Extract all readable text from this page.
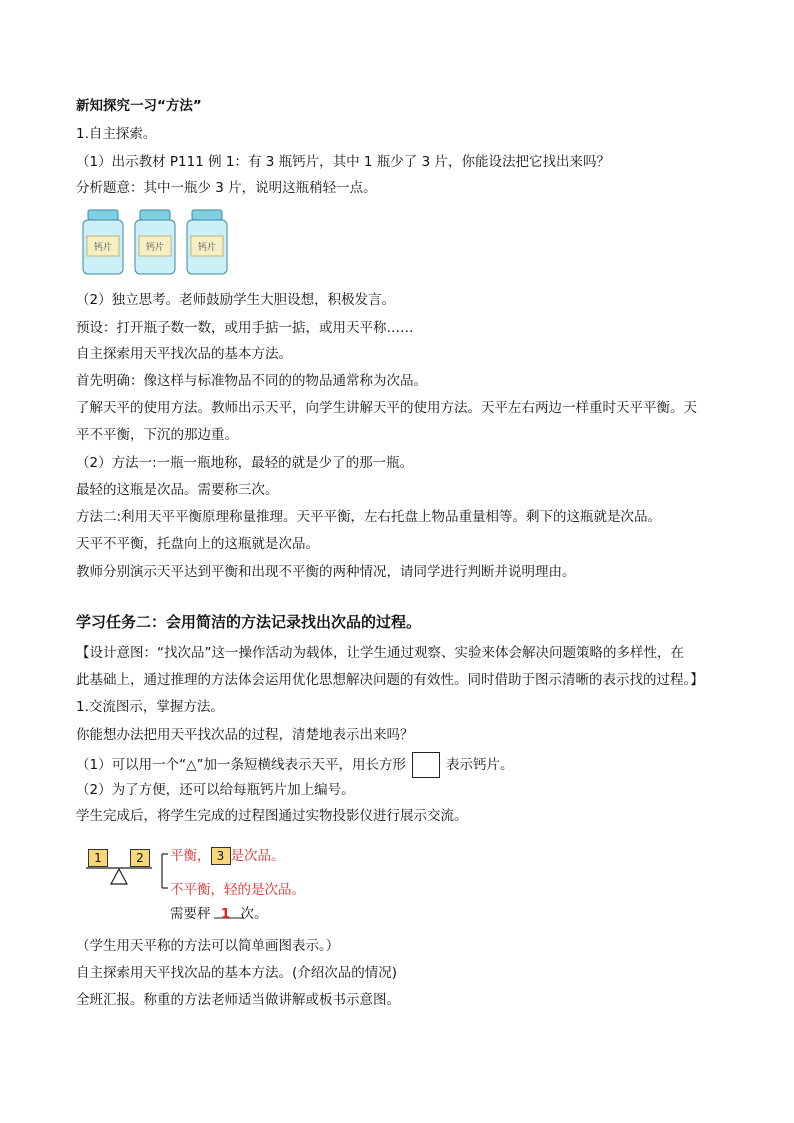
新知探究一习“方法”
1.自主探索。
（1）出示教材 P111 例 1：有 3 瓶钙片，其中 1 瓶少了 3 片，你能设法把它找出来吗？
分析题意：其中一瓶少 3 片，说明这瓶稍轻一点。
钙片	钙片	钙片
（2）独立思考。老师鼓励学生大胆设想，积极发言。
预设：打开瓶子数一数，或用手掂一掂，或用天平称……
自主探索用天平找次品的基本方法。
首先明确：像这样与标准物品不同的的物品通常称为次品。
了解天平的使用方法。教师出示天平，向学生讲解天平的使用方法。天平左右两边一样重时天平平衡。天
平不平衡，下沉的那边重。
（2）方法一:一瓶一瓶地称，最轻的就是少了的那一瓶。
最轻的这瓶是次品。需要称三次。
方法二:利用天平平衡原理称量推理。天平平衡，左右托盘上物品重量相等。剩下的这瓶就是次品。
天平不平衡，托盘向上的这瓶就是次品。
教师分别演示天平达到平衡和出现不平衡的两种情况，请同学进行判断并说明理由。
学习任务二：会用简洁的方法记录找出次品的过程。
【设计意图：“找次品”这一操作活动为载体，让学生通过观察、实验来体会解决问题策略的多样性，在
此基础上，通过推理的方法体会运用优化思想解决问题的有效性。同时借助于图示清晰的表示找的过程。】
1.交流图示，掌握方法。
你能想办法把用天平找次品的过程，清楚地表示出来吗？
（1）可以用一个“△”加一条短横线表示天平，用长方形	表示钙片。
（2）为了方便，还可以给每瓶钙片加上编号。
学生完成后，将学生完成的过程图通过实物投影仪进行展示交流。
1	2	平衡， 3 是次品。
不平衡，轻的是次品。
需要秤 1 次。
（学生用天平称的方法可以简单画图表示。）
自主探索用天平找次品的基本方法。(介绍次品的情况)
全班汇报。称重的方法老师适当做讲解或板书示意图。
